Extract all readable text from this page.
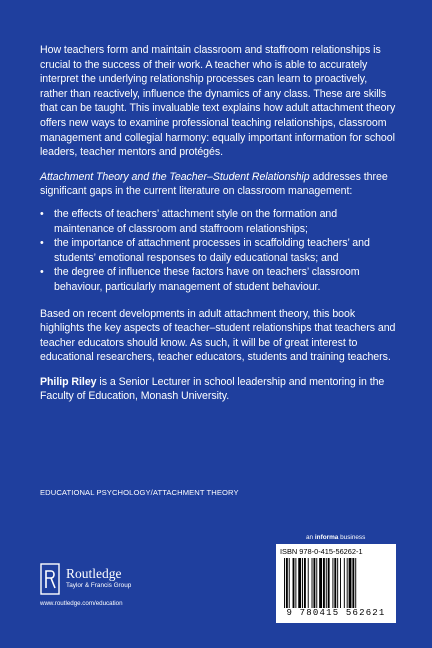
How teachers form and maintain classroom and staffroom relationships is crucial to the success of their work. A teacher who is able to accurately interpret the underlying relationship processes can learn to proactively, rather than reactively, influence the dynamics of any class. These are skills that can be taught. This invaluable text explains how adult attachment theory offers new ways to examine professional teaching relationships, classroom management and collegial harmony: equally important information for school leaders, teacher mentors and protégés.

Attachment Theory and the Teacher–Student Relationship addresses three significant gaps in the current literature on classroom management:

• the effects of teachers’ attachment style on the formation and maintenance of classroom and staffroom relationships;
• the importance of attachment processes in scaffolding teachers’ and students’ emotional responses to daily educational tasks; and
• the degree of influence these factors have on teachers’ classroom behaviour, particularly management of student behaviour.

Based on recent developments in adult attachment theory, this book highlights the key aspects of teacher–student relationships that teachers and teacher educators should know. As such, it will be of great interest to educational researchers, teacher educators, students and training teachers.

Philip Riley is a Senior Lecturer in school leadership and mentoring in the Faculty of Education, Monash University.

EDUCATIONAL PSYCHOLOGY/ATTACHMENT THEORY
an informa business
Routledge
Taylor & Francis Group
www.routledge.com/education
ISBN 978-0-415-56262-1
9 780415 562621
